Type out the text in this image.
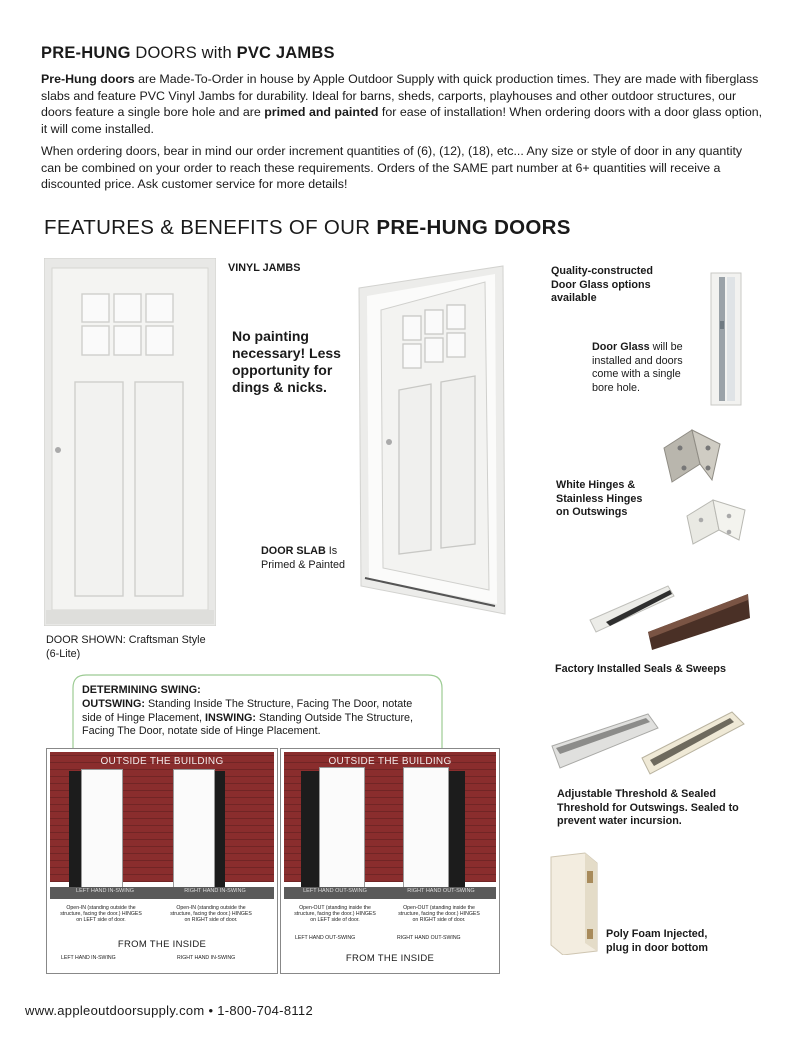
PRE-HUNG DOORS with PVC JAMBS
Pre-Hung doors are Made-To-Order in house by Apple Outdoor Supply with quick production times. They are made with fiberglass slabs and feature PVC Vinyl Jambs for durability. Ideal for barns, sheds, carports, playhouses and other outdoor structures, our doors feature a single bore hole and are primed and painted for ease of installation! When ordering doors with a door glass option, it will come installed.
When ordering doors, bear in mind our order increment quantities of (6), (12), (18), etc... Any size or style of door in any quantity can be combined on your order to reach these requirements. Orders of the SAME part number at 6+ quantities will receive a discounted price. Ask customer service for more details!
FEATURES & BENEFITS OF OUR PRE-HUNG DOORS
VINYL JAMBS
No painting necessary! Less opportunity for dings & nicks.
DOOR SLAB Is Primed & Painted
DOOR SHOWN: Craftsman Style (6-Lite)
Quality-constructed Door Glass options available
Door Glass will be installed and doors come with a single bore hole.
White Hinges & Stainless Hinges on Outswings
Factory Installed Seals & Sweeps
Adjustable Threshold & Sealed Threshold for Outswings. Sealed to prevent water incursion.
Poly Foam Injected, plug in door bottom
DETERMINING SWING:
OUTSWING: Standing Inside The Structure, Facing The Door, notate side of Hinge Placement, INSWING: Standing Outside The Structure, Facing The Door, notate side of Hinge Placement.
OUTSIDE THE BUILDING
LEFT HAND IN-SWING	RIGHT HAND IN-SWING
Open-IN (standing outside the structure, facing the door.) HINGES on LEFT side of door.
Open-IN (standing outside the structure, facing the door.) HINGES on RIGHT side of door.
FROM THE INSIDE
LEFT HAND IN-SWING	RIGHT HAND IN-SWING
OUTSIDE THE BUILDING
LEFT HAND OUT-SWING	RIGHT HAND OUT-SWING
Open-OUT (standing inside the structure, facing the door.) HINGES on LEFT side of door.
Open-OUT (standing inside the structure, facing the door.) HINGES on RIGHT side of door.
LEFT HAND OUT-SWING	RIGHT HAND OUT-SWING
FROM THE INSIDE
www.appleoutdoorsupply.com • 1-800-704-8112
